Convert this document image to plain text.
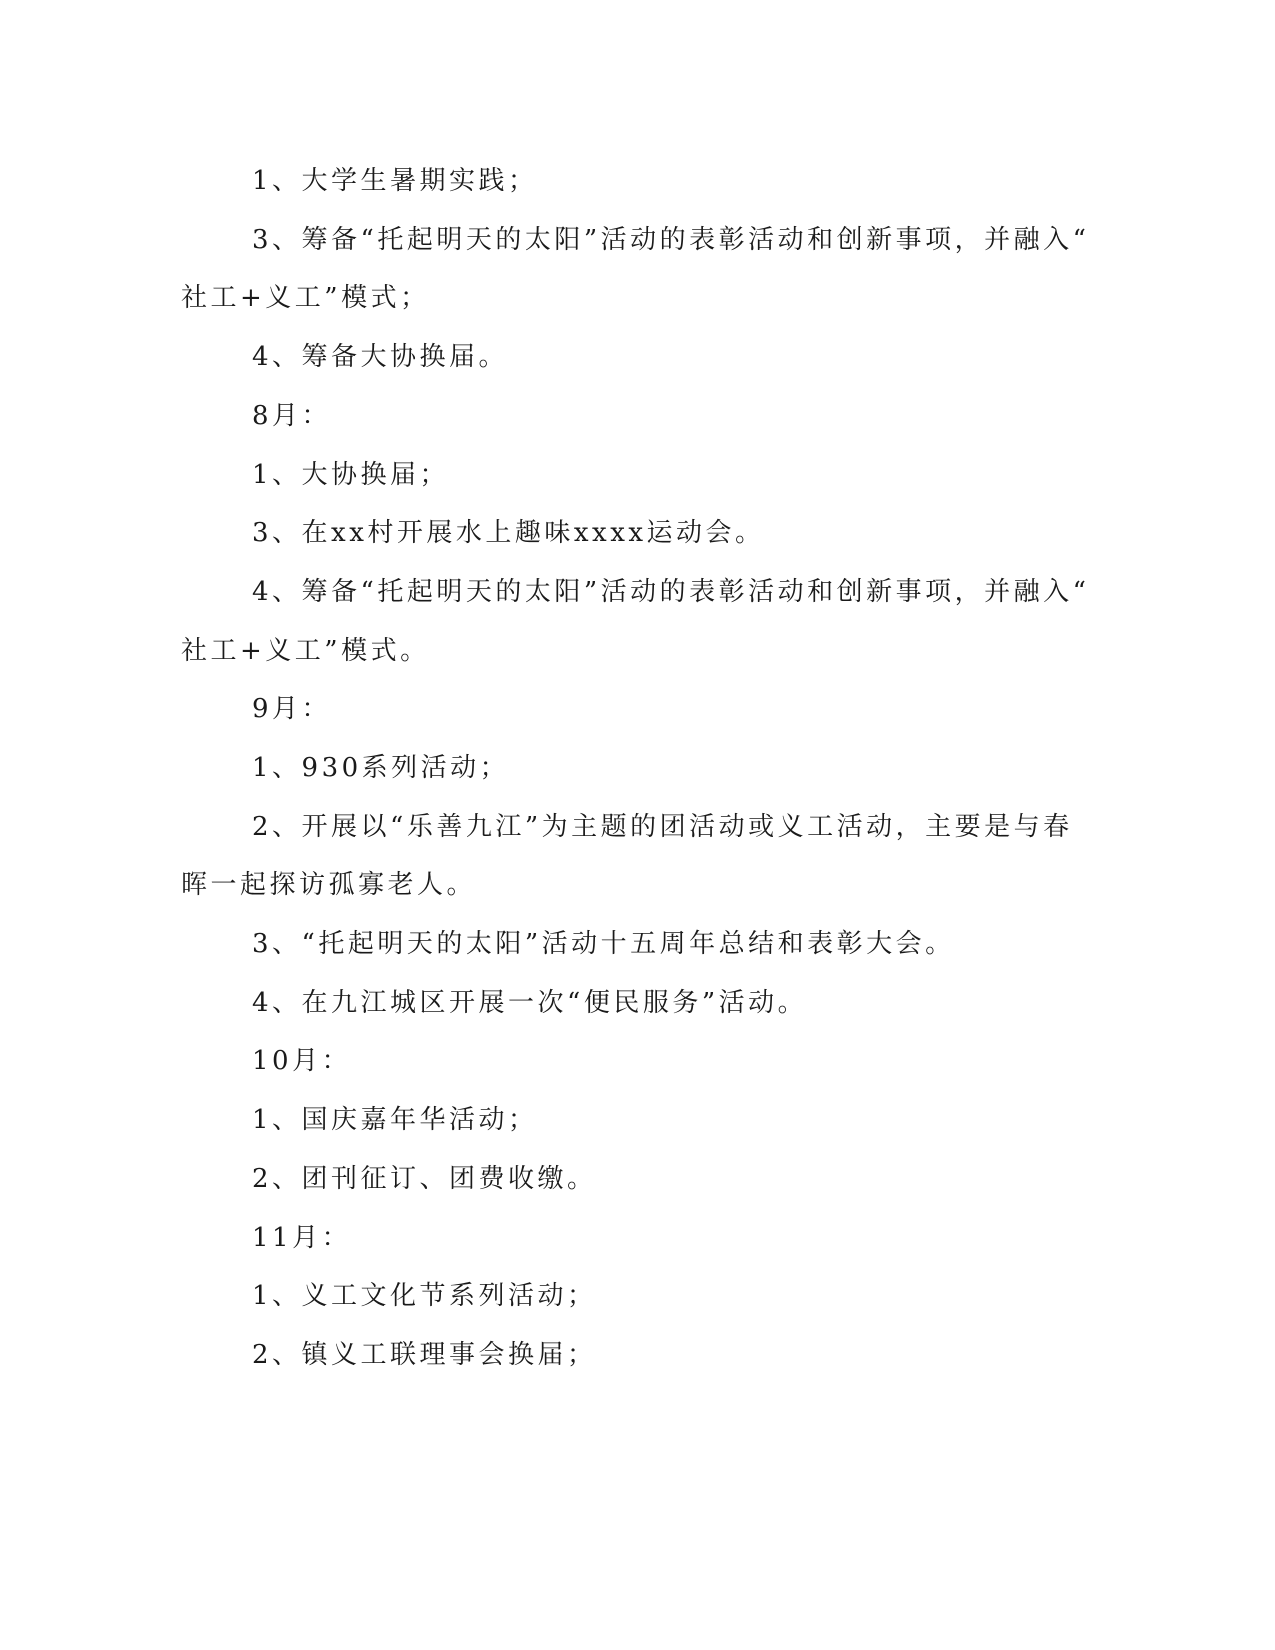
1、大学生暑期实践；
3、筹备“托起明天的太阳”活动的表彰活动和创新事项，并融入“
社工+义工”模式；
4、筹备大协换届。
8月：
1、大协换届；
3、在xx村开展水上趣味xxxx运动会。
4、筹备“托起明天的太阳”活动的表彰活动和创新事项，并融入“
社工+义工”模式。
9月：
1、930系列活动；
2、开展以“乐善九江”为主题的团活动或义工活动，主要是与春
晖一起探访孤寡老人。
3、“托起明天的太阳”活动十五周年总结和表彰大会。
4、在九江城区开展一次“便民服务”活动。
10月：
1、国庆嘉年华活动；
2、团刊征订、团费收缴。
11月：
1、义工文化节系列活动；
2、镇义工联理事会换届；
